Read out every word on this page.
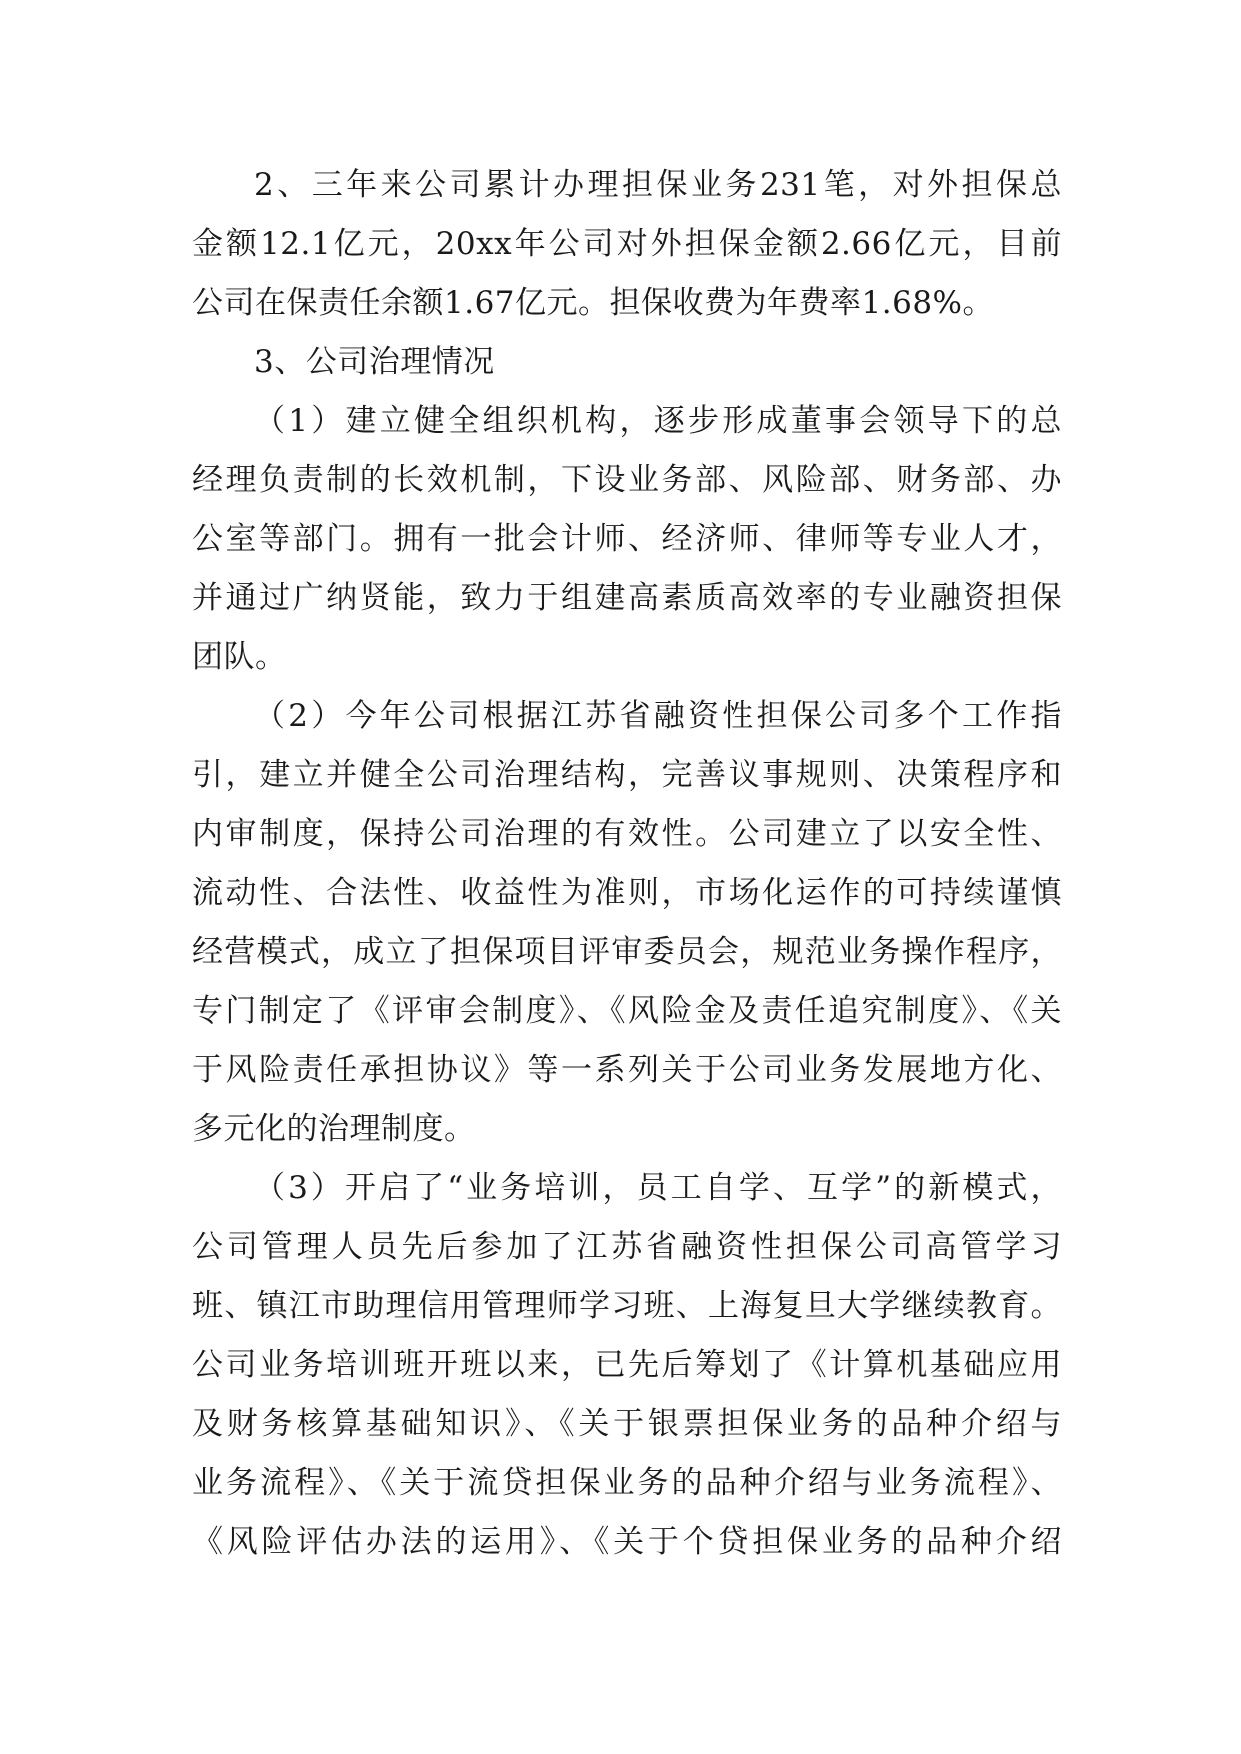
2、三年来公司累计办理担保业务231笔，对外担保总
金额12.1亿元，20xx年公司对外担保金额2.66亿元，目前
公司在保责任余额1.67亿元。担保收费为年费率1.68%。
3、公司治理情况
（1）建立健全组织机构，逐步形成董事会领导下的总
经理负责制的长效机制，下设业务部、风险部、财务部、办
公室等部门。拥有一批会计师、经济师、律师等专业人才，
并通过广纳贤能，致力于组建高素质高效率的专业融资担保
团队。
（2）今年公司根据江苏省融资性担保公司多个工作指
引，建立并健全公司治理结构，完善议事规则、决策程序和
内审制度，保持公司治理的有效性。公司建立了以安全性、
流动性、合法性、收益性为准则，市场化运作的可持续谨慎
经营模式，成立了担保项目评审委员会，规范业务操作程序，
专门制定了《评审会制度》、《风险金及责任追究制度》、《关
于风险责任承担协议》等一系列关于公司业务发展地方化、
多元化的治理制度。
（3）开启了“业务培训，员工自学、互学”的新模式，
公司管理人员先后参加了江苏省融资性担保公司高管学习
班、镇江市助理信用管理师学习班、上海复旦大学继续教育。
公司业务培训班开班以来，已先后筹划了《计算机基础应用
及财务核算基础知识》、《关于银票担保业务的品种介绍与
业务流程》、《关于流贷担保业务的品种介绍与业务流程》、
《风险评估办法的运用》、《关于个贷担保业务的品种介绍
